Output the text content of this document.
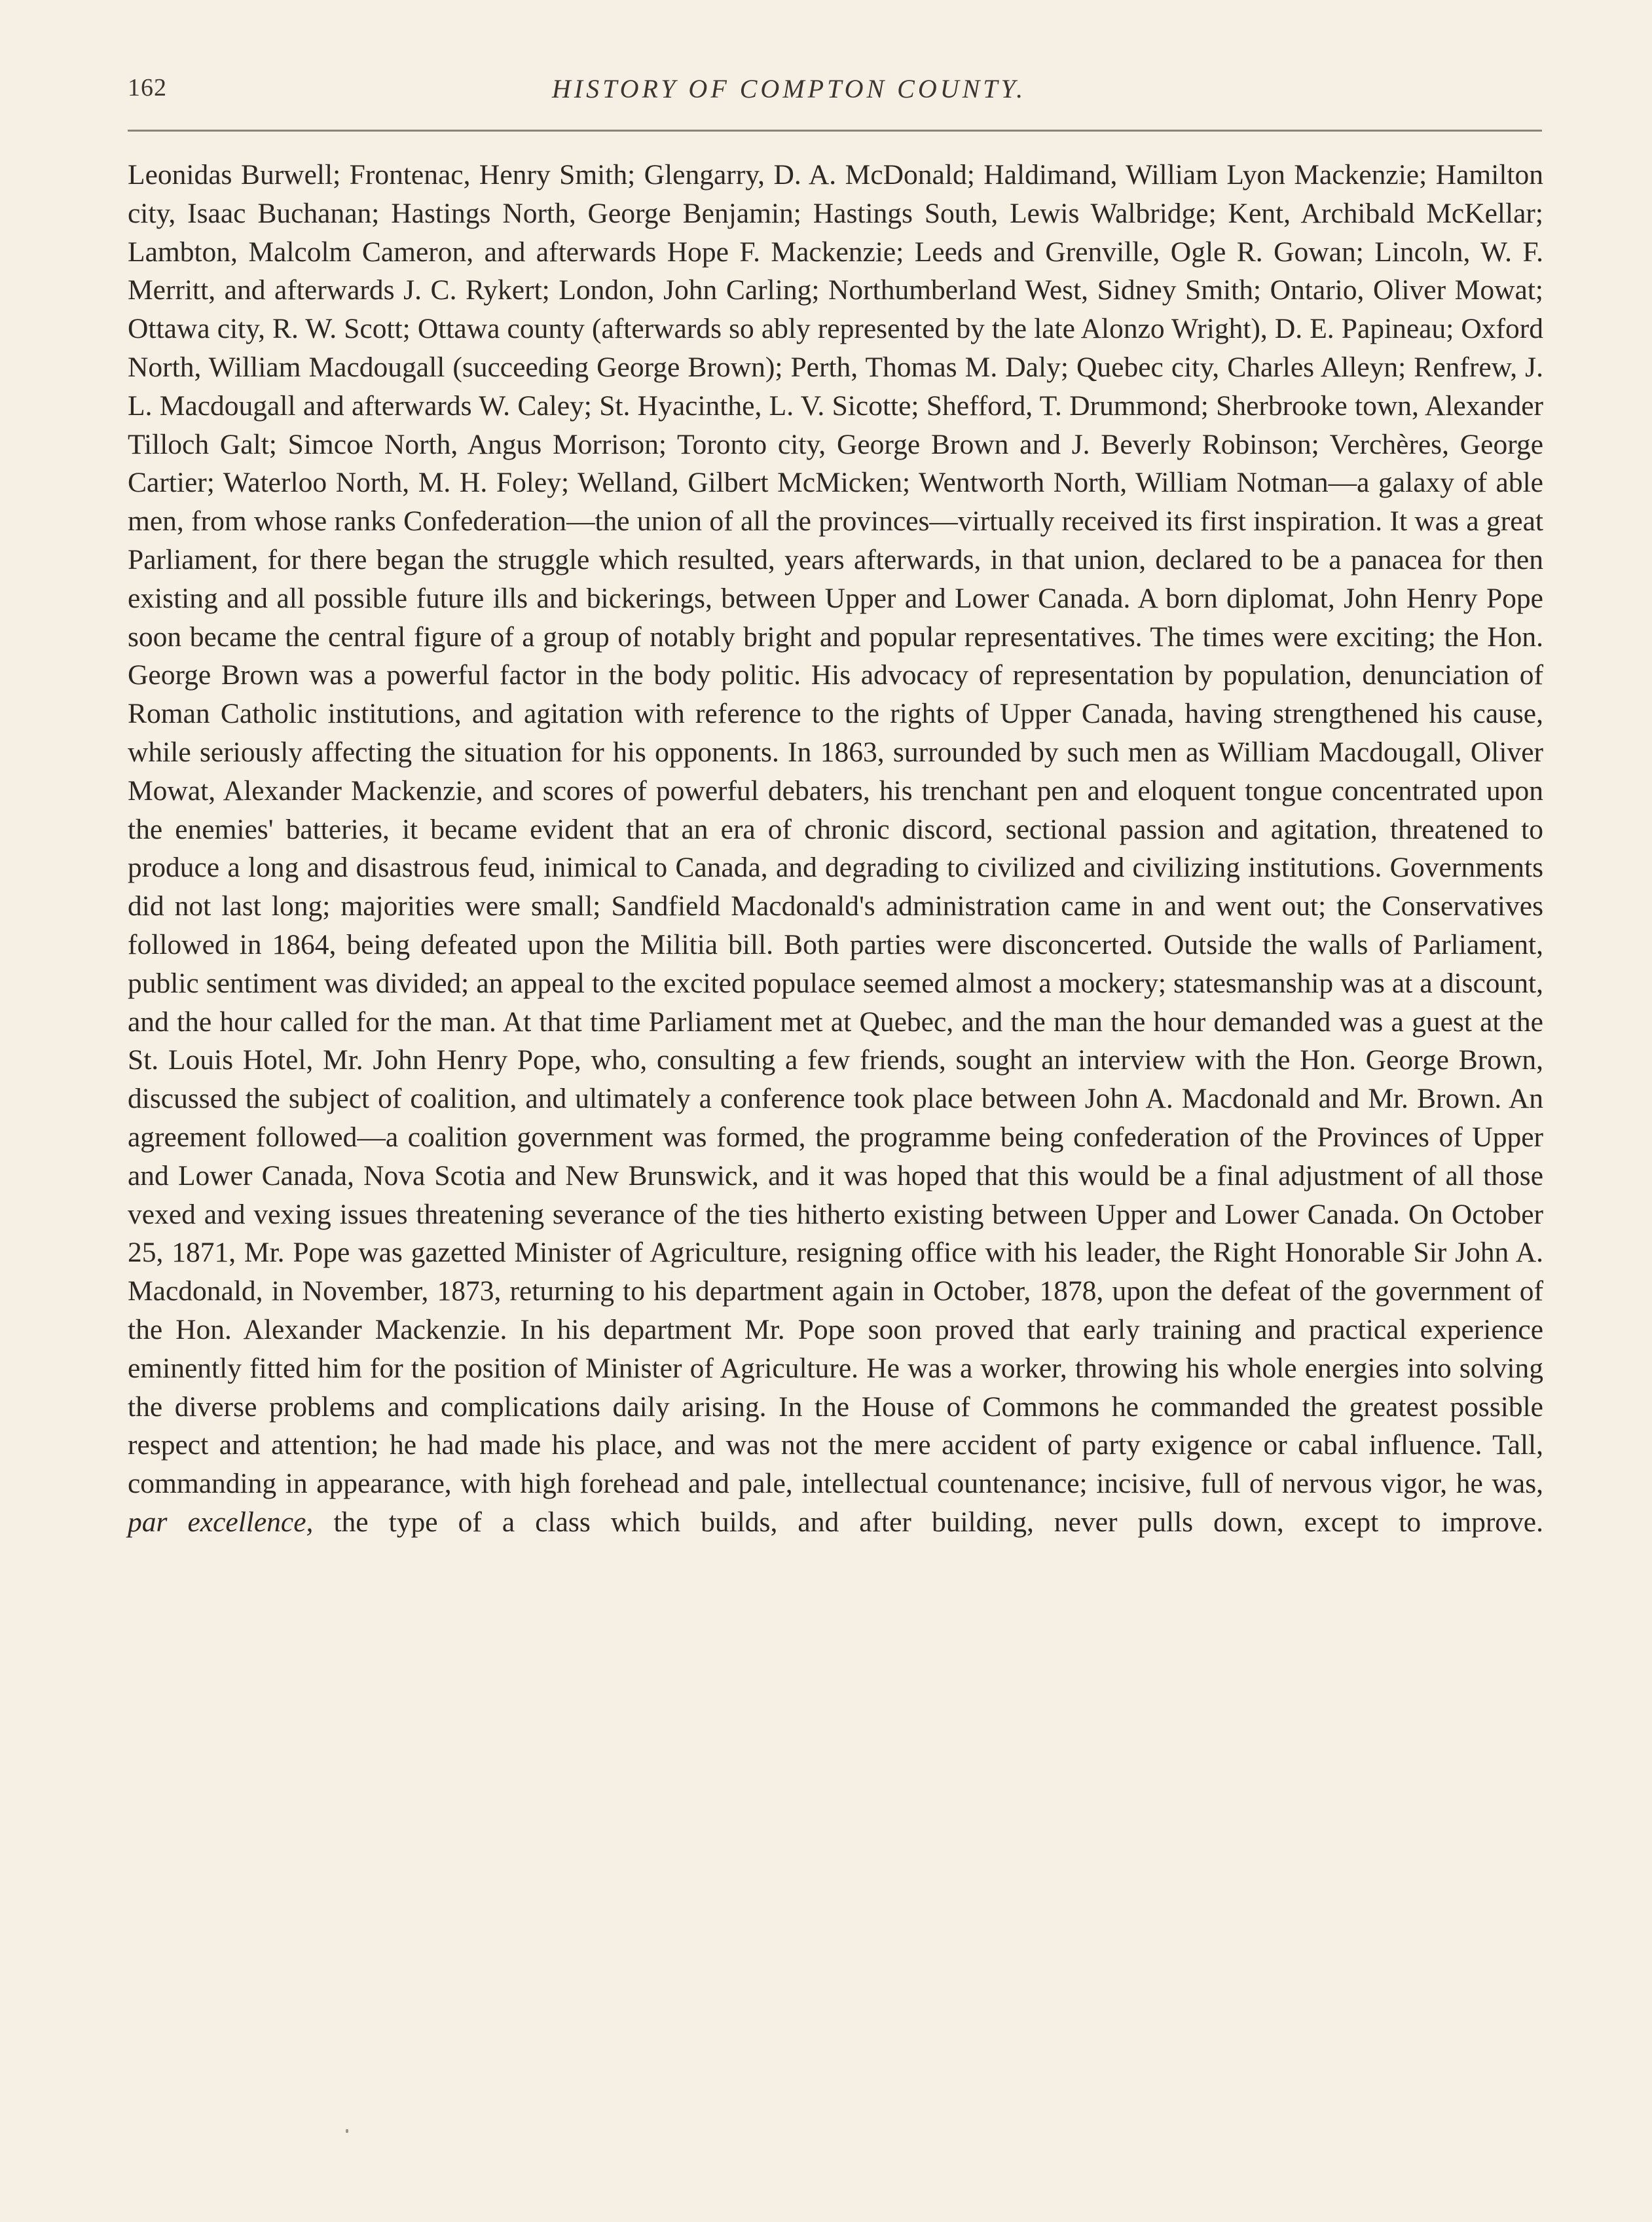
162	HISTORY OF COMPTON COUNTY.

Leonidas Burwell; Frontenac, Henry Smith; Glengarry, D. A. McDonald; Haldimand, William Lyon Mackenzie; Hamilton city, Isaac Buchanan; Hastings North, George Benjamin; Hastings South, Lewis Walbridge; Kent, Archibald McKellar; Lambton, Malcolm Cameron, and afterwards Hope F. Mackenzie; Leeds and Grenville, Ogle R. Gowan; Lincoln, W. F. Merritt, and afterwards J. C. Rykert; London, John Carling; Northumberland West, Sidney Smith; Ontario, Oliver Mowat; Ottawa city, R. W. Scott; Ottawa county (afterwards so ably represented by the late Alonzo Wright), D. E. Papineau; Oxford North, William Macdougall (succeeding George Brown); Perth, Thomas M. Daly; Quebec city, Charles Alleyn; Renfrew, J. L. Macdougall and afterwards W. Caley; St. Hyacinthe, L. V. Sicotte; Shefford, T. Drummond; Sherbrooke town, Alexander Tilloch Galt; Simcoe North, Angus Morrison; Toronto city, George Brown and J. Beverly Robinson; Verchères, George Cartier; Waterloo North, M. H. Foley; Welland, Gilbert McMicken; Wentworth North, William Notman—a galaxy of able men, from whose ranks Confederation—the union of all the provinces—virtually received its first inspiration. It was a great Parliament, for there began the struggle which resulted, years afterwards, in that union, declared to be a panacea for then existing and all possible future ills and bickerings, between Upper and Lower Canada. A born diplomat, John Henry Pope soon became the central figure of a group of notably bright and popular representatives. The times were exciting; the Hon. George Brown was a powerful factor in the body politic. His advocacy of representation by population, denunciation of Roman Catholic institutions, and agitation with reference to the rights of Upper Canada, having strengthened his cause, while seriously affecting the situation for his opponents. In 1863, surrounded by such men as William Macdougall, Oliver Mowat, Alexander Mackenzie, and scores of powerful debaters, his trenchant pen and eloquent tongue concentrated upon the enemies' batteries, it became evident that an era of chronic discord, sectional passion and agitation, threatened to produce a long and disastrous feud, inimical to Canada, and degrading to civilized and civilizing institutions. Governments did not last long; majorities were small; Sandfield Macdonald's administration came in and went out; the Conservatives followed in 1864, being defeated upon the Militia bill. Both parties were disconcerted. Outside the walls of Parliament, public sentiment was divided; an appeal to the excited populace seemed almost a mockery; statesmanship was at a discount, and the hour called for the man. At that time Parliament met at Quebec, and the man the hour demanded was a guest at the St. Louis Hotel, Mr. John Henry Pope, who, consulting a few friends, sought an interview with the Hon. George Brown, discussed the subject of coalition, and ultimately a conference took place between John A. Macdonald and Mr. Brown. An agreement followed—a coalition government was formed, the programme being confederation of the Provinces of Upper and Lower Canada, Nova Scotia and New Brunswick, and it was hoped that this would be a final adjustment of all those vexed and vexing issues threatening severance of the ties hitherto existing between Upper and Lower Canada. On October 25, 1871, Mr. Pope was gazetted Minister of Agriculture, resigning office with his leader, the Right Honorable Sir John A. Macdonald, in November, 1873, returning to his department again in October, 1878, upon the defeat of the government of the Hon. Alexander Mackenzie. In his department Mr. Pope soon proved that early training and practical experience eminently fitted him for the position of Minister of Agriculture. He was a worker, throwing his whole energies into solving the diverse problems and complications daily arising. In the House of Commons he commanded the greatest possible respect and attention; he had made his place, and was not the mere accident of party exigence or cabal influence. Tall, commanding in appearance, with high forehead and pale, intellectual countenance; incisive, full of nervous vigor, he was, par excellence, the type of a class which builds, and after building, never pulls down, except to improve.
